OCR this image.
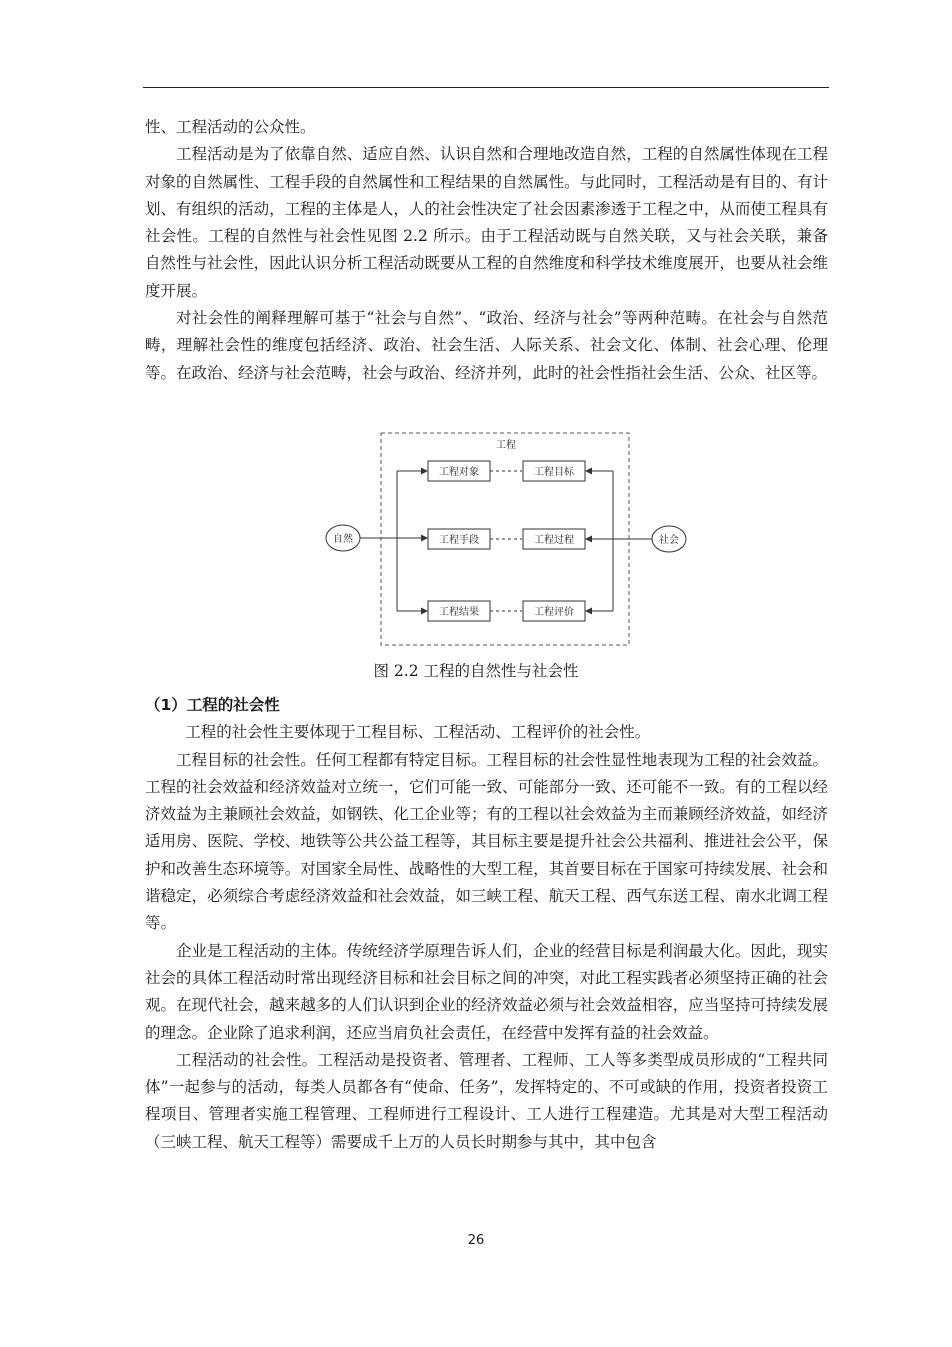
性、工程活动的公众性。

工程活动是为了依靠自然、适应自然、认识自然和合理地改造自然，工程的自然属性体现在工程对象的自然属性、工程手段的自然属性和工程结果的自然属性。与此同时，工程活动是有目的、有计划、有组织的活动，工程的主体是人，人的社会性决定了社会因素渗透于工程之中，从而使工程具有社会性。工程的自然性与社会性见图 2.2 所示。由于工程活动既与自然关联，又与社会关联，兼备自然性与社会性，因此认识分析工程活动既要从工程的自然维度和科学技术维度展开，也要从社会维度开展。

对社会性的阐释理解可基于“社会与自然”、“政治、经济与社会”等两种范畴。在社会与自然范畴，理解社会性的维度包括经济、政治、社会生活、人际关系、社会文化、体制、社会心理、伦理等。在政治、经济与社会范畴，社会与政治、经济并列，此时的社会性指社会生活、公众、社区等。

工程
自然	社会
工程对象
工程手段
工程结果
工程目标
工程过程
工程评价
图 2.2 工程的自然性与社会性

（1）工程的社会性

工程的社会性主要体现于工程目标、工程活动、工程评价的社会性。

工程目标的社会性。任何工程都有特定目标。工程目标的社会性显性地表现为工程的社会效益。工程的社会效益和经济效益对立统一，它们可能一致、可能部分一致、还可能不一致。有的工程以经济效益为主兼顾社会效益，如钢铁、化工企业等；有的工程以社会效益为主而兼顾经济效益，如经济适用房、医院、学校、地铁等公共公益工程等，其目标主要是提升社会公共福利、推进社会公平，保护和改善生态环境等。对国家全局性、战略性的大型工程，其首要目标在于国家可持续发展、社会和谐稳定，必须综合考虑经济效益和社会效益，如三峡工程、航天工程、西气东送工程、南水北调工程等。

企业是工程活动的主体。传统经济学原理告诉人们，企业的经营目标是利润最大化。因此，现实社会的具体工程活动时常出现经济目标和社会目标之间的冲突，对此工程实践者必须坚持正确的社会观。在现代社会，越来越多的人们认识到企业的经济效益必须与社会效益相容，应当坚持可持续发展的理念。企业除了追求利润，还应当肩负社会责任，在经营中发挥有益的社会效益。

工程活动的社会性。工程活动是投资者、管理者、工程师、工人等多类型成员形成的“工程共同体”一起参与的活动，每类人员都各有“使命、任务”，发挥特定的、不可或缺的作用，投资者投资工程项目、管理者实施工程管理、工程师进行工程设计、工人进行工程建造。尤其是对大型工程活动（三峡工程、航天工程等）需要成千上万的人员长时期参与其中，其中包含

26
